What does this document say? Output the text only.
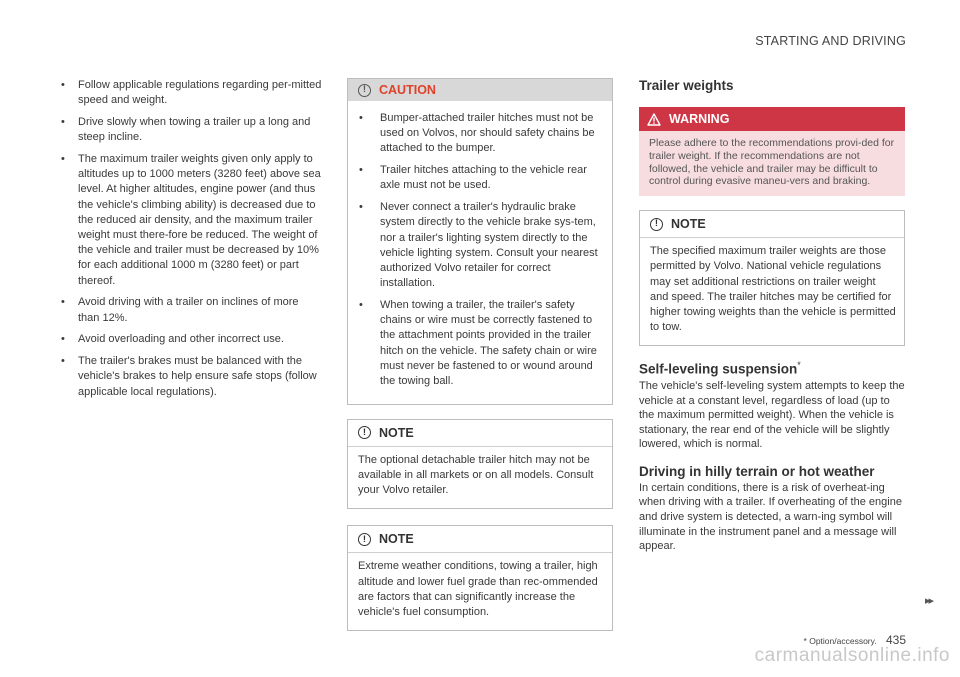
STARTING AND DRIVING
• Follow applicable regulations regarding per-mitted speed and weight.
• Drive slowly when towing a trailer up a long and steep incline.
• The maximum trailer weights given only apply to altitudes up to 1000 meters (3280 feet) above sea level. At higher altitudes, engine power (and thus the vehicle's climbing ability) is decreased due to the reduced air density, and the maximum trailer weight must there-fore be reduced. The weight of the vehicle and trailer must be decreased by 10% for each additional 1000 m (3280 feet) or part thereof.
• Avoid driving with a trailer on inclines of more than 12%.
• Avoid overloading and other incorrect use.
• The trailer's brakes must be balanced with the vehicle's brakes to help ensure safe stops (follow applicable local regulations).
!	CAUTION
• Bumper-attached trailer hitches must not be used on Volvos, nor should safety chains be attached to the bumper.
• Trailer hitches attaching to the vehicle rear axle must not be used.
• Never connect a trailer's hydraulic brake system directly to the vehicle brake sys-tem, nor a trailer's lighting system directly to the vehicle lighting system. Consult your nearest authorized Volvo retailer for correct installation.
• When towing a trailer, the trailer's safety chains or wire must be correctly fastened to the attachment points provided in the trailer hitch on the vehicle. The safety chain or wire must never be fastened to or wound around the towing ball.
!	NOTE
The optional detachable trailer hitch may not be available in all markets or on all models. Consult your Volvo retailer.
!	NOTE
Extreme weather conditions, towing a trailer, high altitude and lower fuel grade than rec-ommended are factors that can significantly increase the vehicle's fuel consumption.
Trailer weights
WARNING
Please adhere to the recommendations provi-ded for trailer weight. If the recommendations are not followed, the vehicle and trailer may be difficult to control during evasive maneu-vers and braking.
!	NOTE
The specified maximum trailer weights are those permitted by Volvo. National vehicle regulations may set additional restrictions on trailer weight and speed. The trailer hitches may be certified for higher towing weights than the vehicle is permitted to tow.
Self-leveling suspension*

The vehicle's self-leveling system attempts to keep the vehicle at a constant level, regardless of load (up to the maximum permitted weight). When the vehicle is stationary, the rear end of the vehicle will be slightly lowered, which is normal.

Driving in hilly terrain or hot weather

In certain conditions, there is a risk of overheat-ing when driving with a trailer. If overheating of the engine and drive system is detected, a warn-ing symbol will illuminate in the instrument panel and a message will appear.

▸▸
* Option/accessory. 435
carmanualsonline.info
